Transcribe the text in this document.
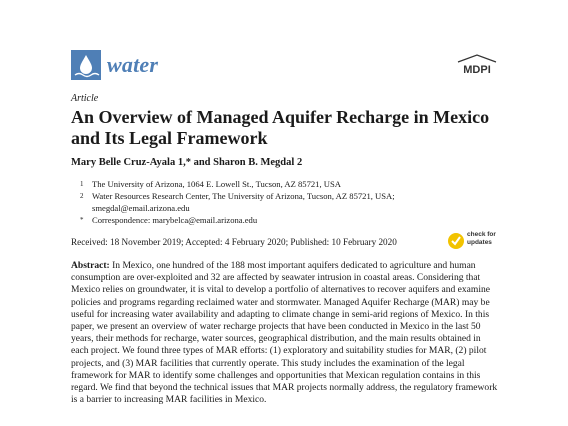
water	MDPI
Article
An Overview of Managed Aquifer Recharge in Mexico and Its Legal Framework
Mary Belle Cruz-Ayala 1,* and Sharon B. Megdal 2
1 The University of Arizona, 1064 E. Lowell St., Tucson, AZ 85721, USA
2 Water Resources Research Center, The University of Arizona, Tucson, AZ 85721, USA;
smegdal@email.arizona.edu
* Correspondence: marybelca@email.arizona.edu
Received: 18 November 2019; Accepted: 4 February 2020; Published: 10 February 2020
check for updates
Abstract: In Mexico, one hundred of the 188 most important aquifers dedicated to agriculture and human consumption are over-exploited and 32 are affected by seawater intrusion in coastal areas. Considering that Mexico relies on groundwater, it is vital to develop a portfolio of alternatives to recover aquifers and examine policies and programs regarding reclaimed water and stormwater. Managed Aquifer Recharge (MAR) may be useful for increasing water availability and adapting to climate change in semi-arid regions of Mexico. In this paper, we present an overview of water recharge projects that have been conducted in Mexico in the last 50 years, their methods for recharge, water sources, geographical distribution, and the main results obtained in each project. We found three types of MAR efforts: (1) exploratory and suitability studies for MAR, (2) pilot projects, and (3) MAR facilities that currently operate. This study includes the examination of the legal framework for MAR to identify some challenges and opportunities that Mexican regulation contains in this regard. We find that beyond the technical issues that MAR projects normally address, the regulatory framework is a barrier to increasing MAR facilities in Mexico.
